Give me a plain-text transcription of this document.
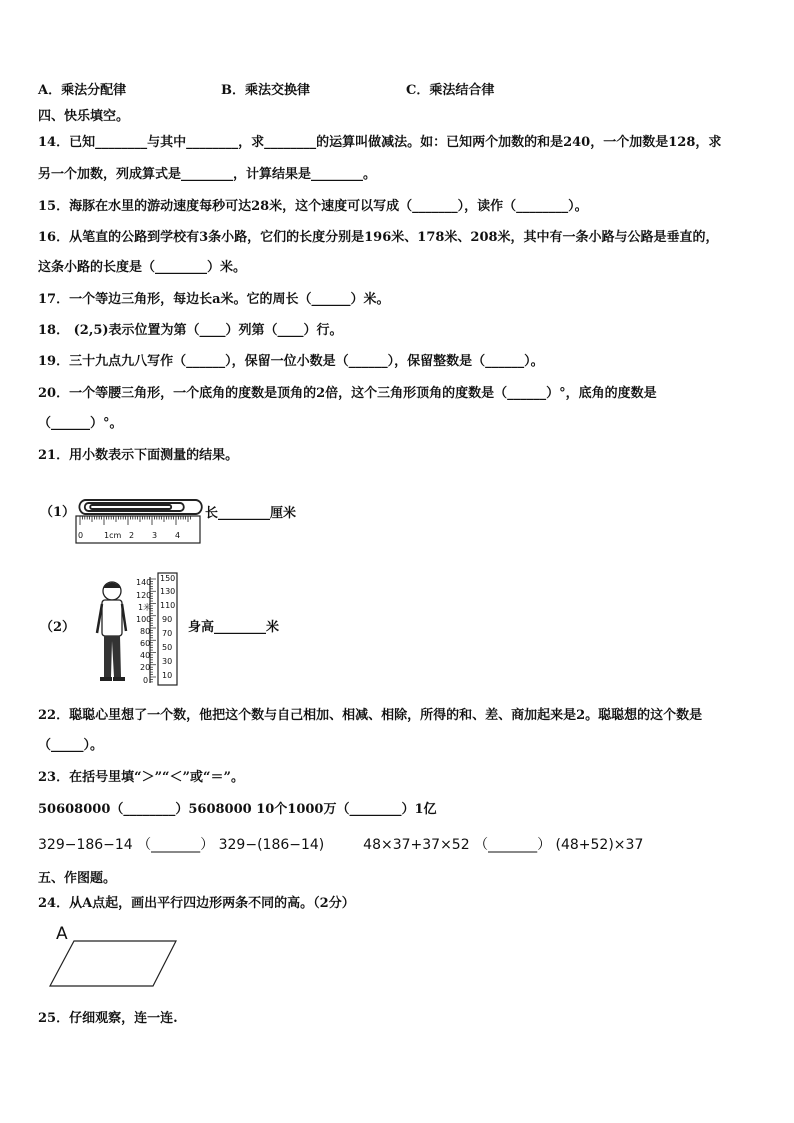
A．乘法分配律	B．乘法交换律	C．乘法结合律
四、快乐填空。
14．已知________与其中________，求________的运算叫做减法。如：已知两个加数的和是240，一个加数是128，求
另一个加数，列成算式是________，计算结果是________。
15．海豚在水里的游动速度每秒可达28米，这个速度可以写成（_______），读作（________）。
16．从笔直的公路到学校有3条小路，它们的长度分别是196米、178米、208米，其中有一条小路与公路是垂直的，
这条小路的长度是（________）米。
17．一个等边三角形，每边长a米。它的周长（______）米。
18． (2,5)表示位置为第（____）列第（____）行。
19．三十九点九八写作（______），保留一位小数是（______），保留整数是（______）。
20．一个等腰三角形，一个底角的度数是顶角的2倍，这个三角形顶角的度数是（______）°，底角的度数是
（______）°。
21．用小数表示下面测量的结果。
（1）
0	1cm 2 3 4
长________厘米
（2）
140
120
1米
100
80
60
40
20
0
150
130
110
90
70
50
30
10
身高________米
22．聪聪心里想了一个数，他把这个数与自己相加、相减、相除，所得的和、差、商加起来是2。聪聪想的这个数是
（_____）。
23．在括号里填“＞”“＜”或“＝”。
50608000（________）5608000 10个1000万（________）1亿
329−186−14 （_______） 329−(186−14)	48×37+37×52 （_______） (48+52)×37
五、作图题。
24．从A点起，画出平行四边形两条不同的高。（2分）
A
25．仔细观察，连一连.
